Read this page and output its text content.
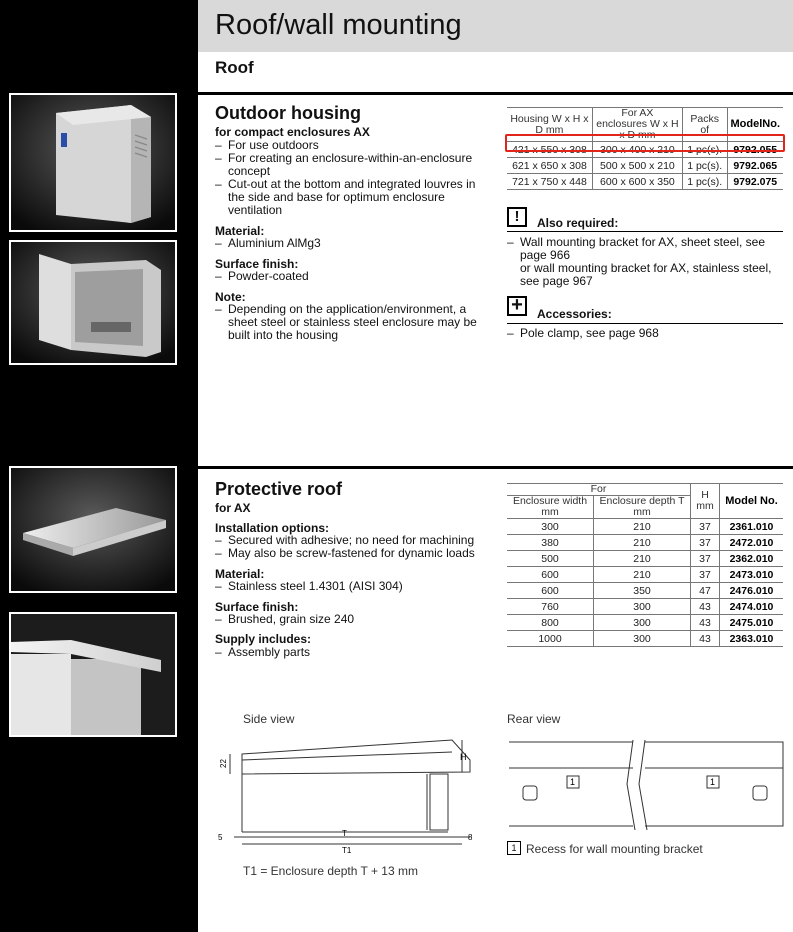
Roof/wall mounting
Roof
Outdoor housing
for compact enclosures AX
– For use outdoors
– For creating an enclosure-within-an-enclosure concept
– Cut-out at the bottom and integrated louvres in the side and base for optimum enclosure ventilation
Material:
– Aluminium AlMg3
Surface finish:
– Powder-coated
Note:
– Depending on the application/environment, a sheet steel or stainless steel enclosure may be built into the housing
Housing W x H x D mm	For AX enclosures W x H x D mm	Packs of	ModelNo.
421 x 550 x 308	300 x 400 x 210	1 pc(s).	9792.055
621 x 650 x 308	500 x 500 x 210	1 pc(s).	9792.065
721 x 750 x 448	600 x 600 x 350	1 pc(s).	9792.075
!	Also required:
– Wall mounting bracket for AX, sheet steel, see page 966
or wall mounting bracket for AX, stainless steel, see page 967
+	Accessories:
– Pole clamp, see page 968
Protective roof
for AX
Installation options:
– Secured with adhesive; no need for machining
– May also be screw-fastened for dynamic loads
Material:
– Stainless steel 1.4301 (AISI 304)
Surface finish:
– Brushed, grain size 240
Supply includes:
– Assembly parts
For		H mm	Model No.
Enclosure width mm	Enclosure depth T mm		
300	210	37	2361.010
380	210	37	2472.010
500	210	37	2362.010
600	210	37	2473.010
600	350	47	2476.010
760	300	43	2474.010
800	300	43	2475.010
1000	300	43	2363.010
Side view	Rear view
22
H
5	T	8
T1
1	1
1 Recess for wall mounting bracket
T1 = Enclosure depth T + 13 mm
